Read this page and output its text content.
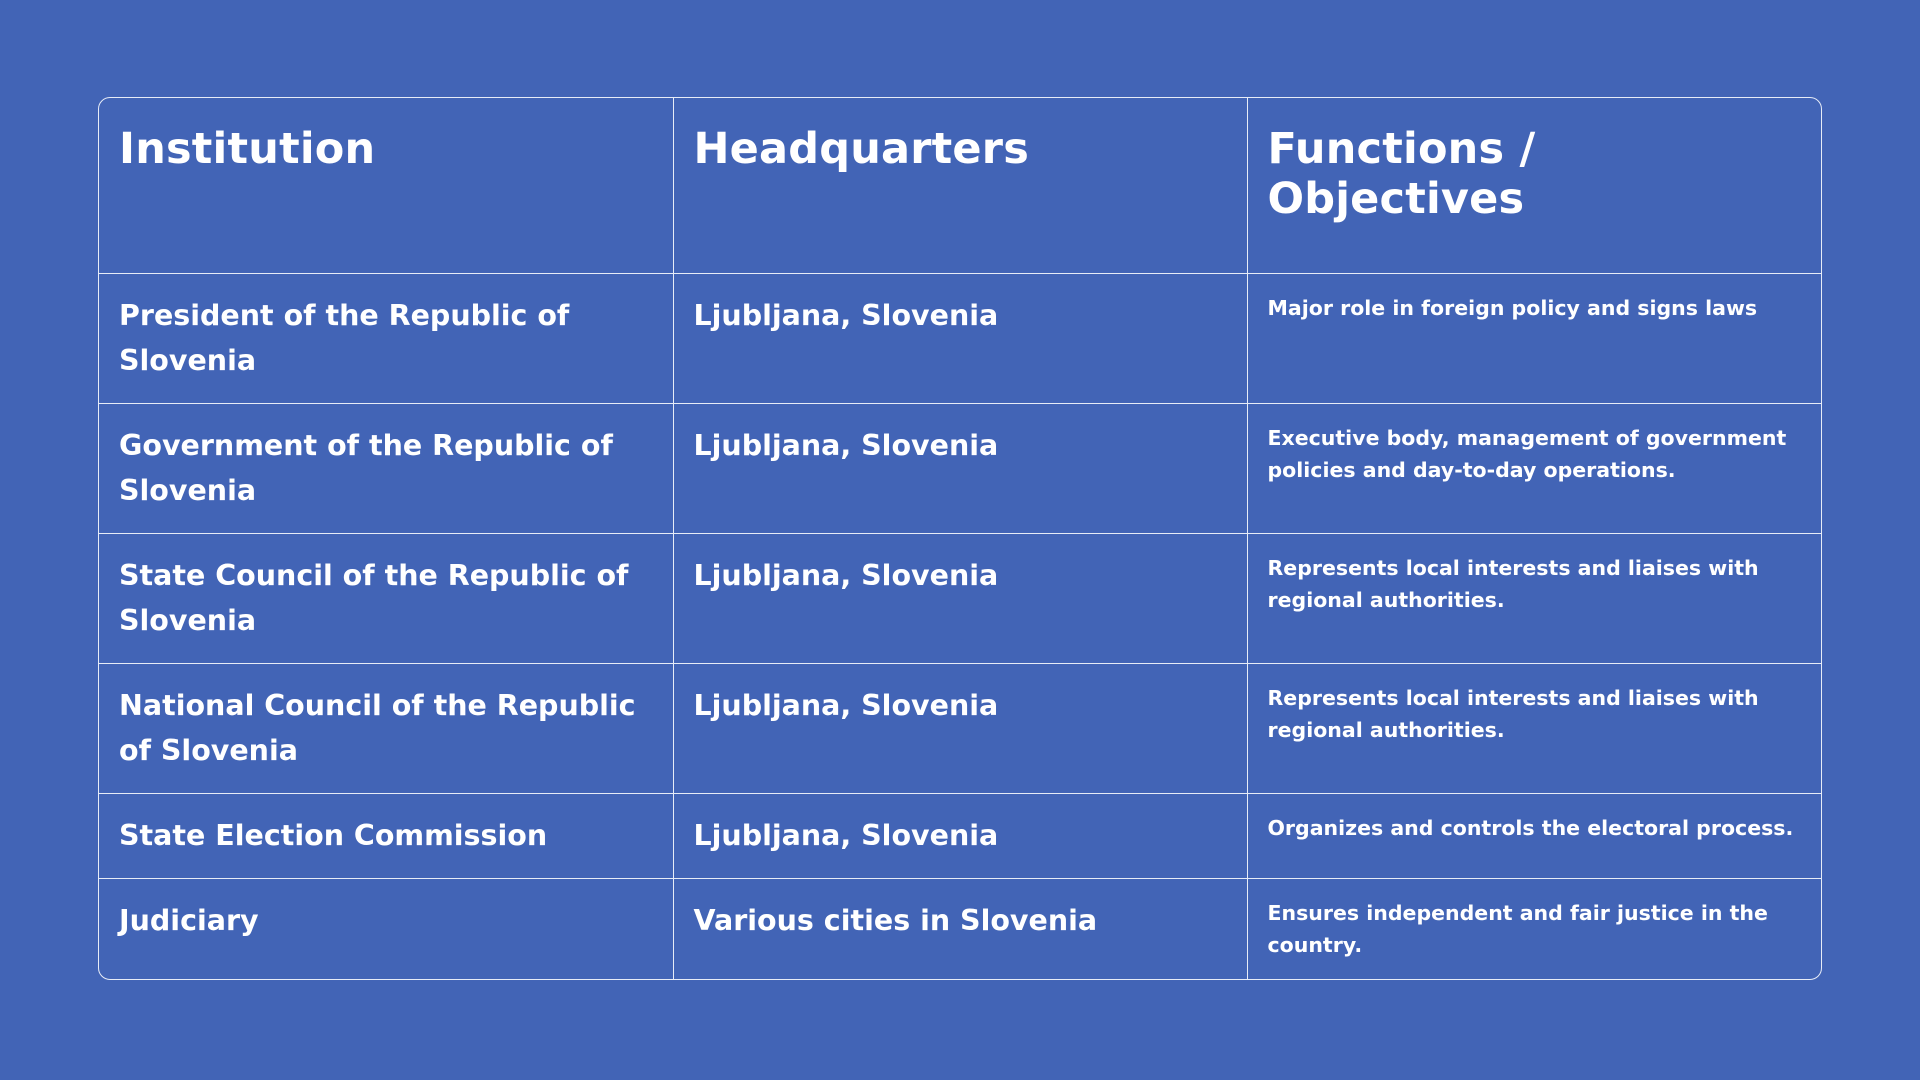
Institution	Headquarters	Functions / Objectives
President of the Republic of Slovenia	Ljubljana, Slovenia	Major role in foreign policy and signs laws
Government of the Republic of Slovenia	Ljubljana, Slovenia	Executive body, management of government policies and day-to-day operations.
State Council of the Republic of Slovenia	Ljubljana, Slovenia	Represents local interests and liaises with regional authorities.
National Council of the Republic of Slovenia	Ljubljana, Slovenia	Represents local interests and liaises with regional authorities.
State Election Commission	Ljubljana, Slovenia	Organizes and controls the electoral process.
Judiciary	Various cities in Slovenia	Ensures independent and fair justice in the country.
